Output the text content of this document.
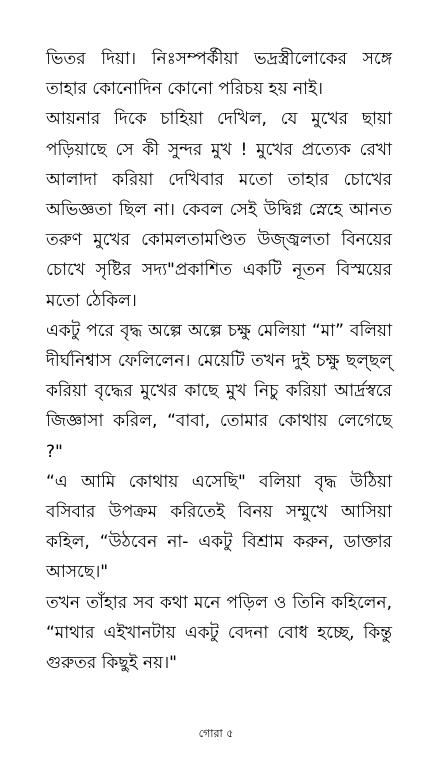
ভিতর দিয়া। নিঃসম্পর্কীয়া ভদ্রস্ত্রীলোকের সঙ্গে তাহার কোনোদিন কোনো পরিচয় হয় নাই।

আয়নার দিকে চাহিয়া দেখিল, যে মুখের ছায়া পড়িয়াছে সে কী সুন্দর মুখ ! মুখের প্রত্যেক রেখা আলাদা করিয়া দেখিবার মতো তাহার চোখের অভিজ্ঞতা ছিল না। কেবল সেই উদ্বিগ্ন স্নেহে আনত তরুণ মুখের কোমলতামণ্ডিত উজ্জ্বলতা বিনয়ের চোখে সৃষ্টির সদ্য"প্রকাশিত একটি নূতন বিস্ময়ের মতো ঠেকিল।

একটু পরে বৃদ্ধ অল্পে অল্পে চক্ষু মেলিয়া “মা” বলিয়া দীর্ঘনিশ্বাস ফেলিলেন। মেয়েটি তখন দুই চক্ষু ছল্‌ছল্‌ করিয়া বৃদ্ধের মুখের কাছে মুখ নিচু করিয়া আর্দ্রস্বরে জিজ্ঞাসা করিল, “বাবা, তোমার কোথায় লেগেছে ?"

“এ আমি কোথায় এসেছি" বলিয়া বৃদ্ধ উঠিয়া বসিবার উপক্রম করিতেই বিনয় সম্মুখে আসিয়া কহিল, “উঠবেন না- একটু বিশ্রাম করুন, ডাক্তার আসছে।"

তখন তাঁহার সব কথা মনে পড়িল ও তিনি কহিলেন, “মাথার এইখানটায় একটু বেদনা বোধ হচ্ছে, কিন্তু গুরুতর কিছুই নয়।"

গোরা ৫
